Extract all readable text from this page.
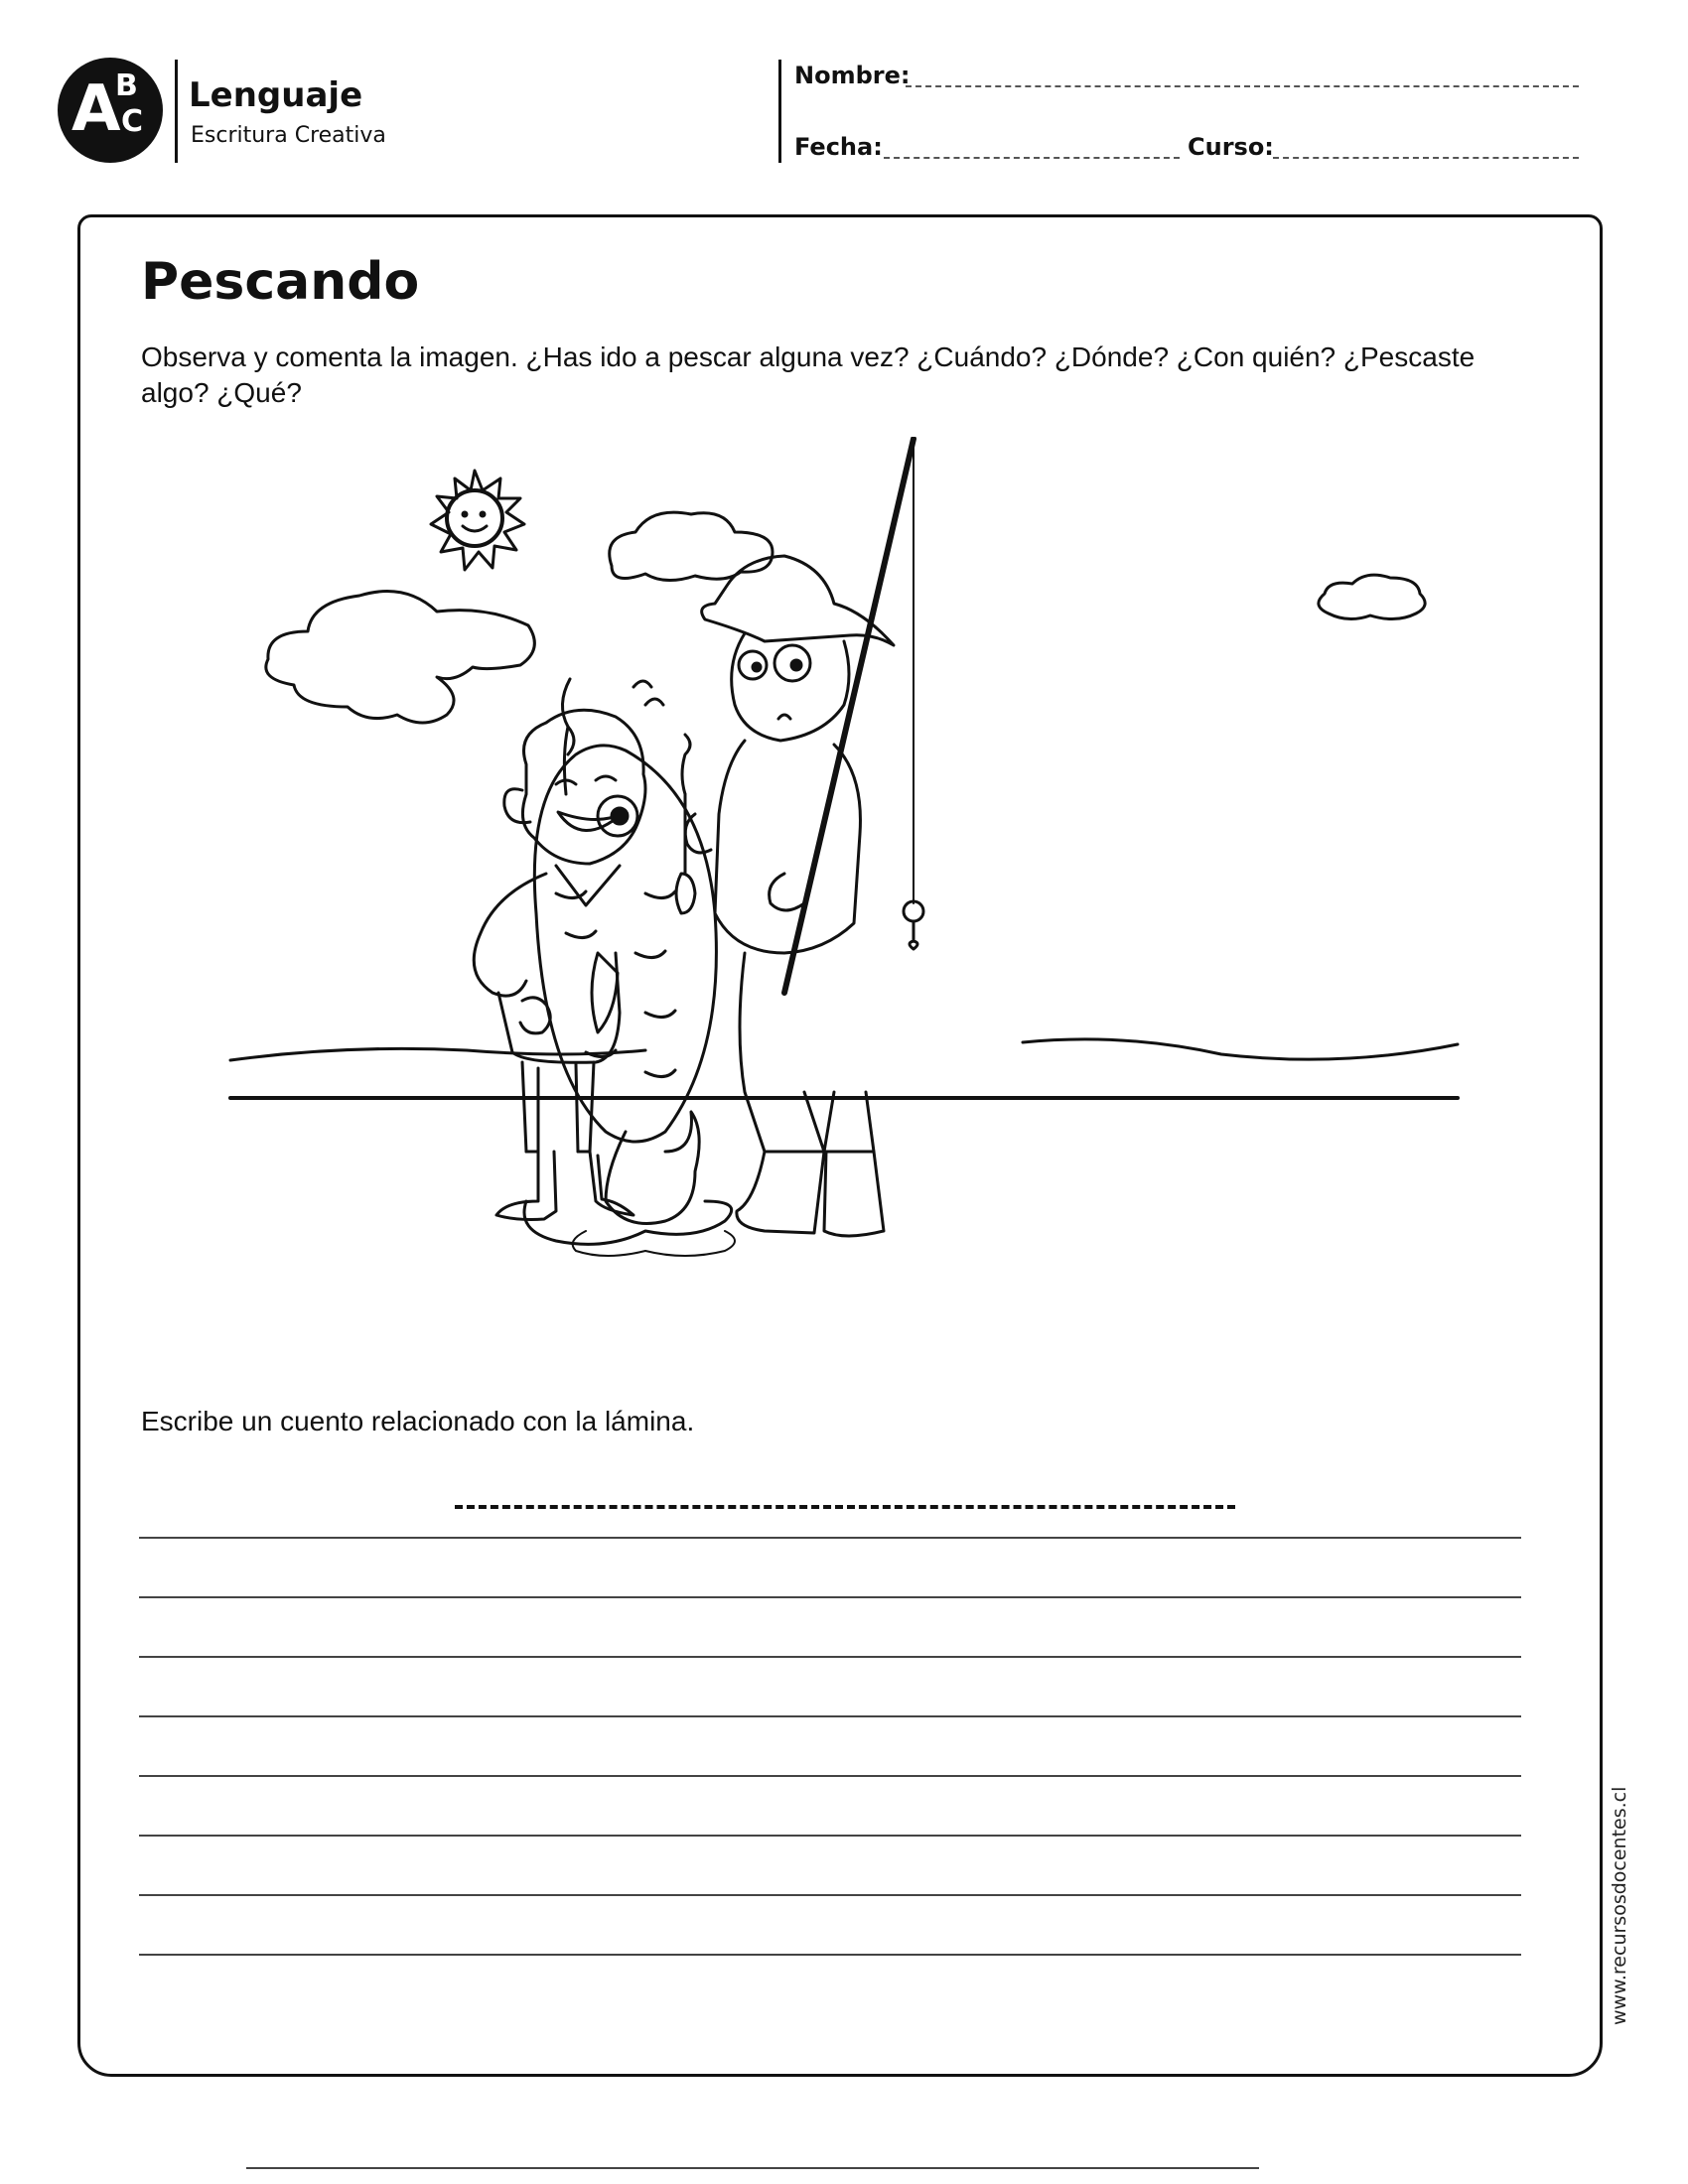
A
B
C
Lenguaje
Escritura Creativa
Nombre:
Fecha:	Curso:
Pescando
Observa y comenta la imagen. ¿Has ido a pescar alguna vez? ¿Cuándo? ¿Dónde? ¿Con quién? ¿Pescaste algo? ¿Qué?
Escribe un cuento relacionado con la lámina.
www.recursosdocentes.cl
